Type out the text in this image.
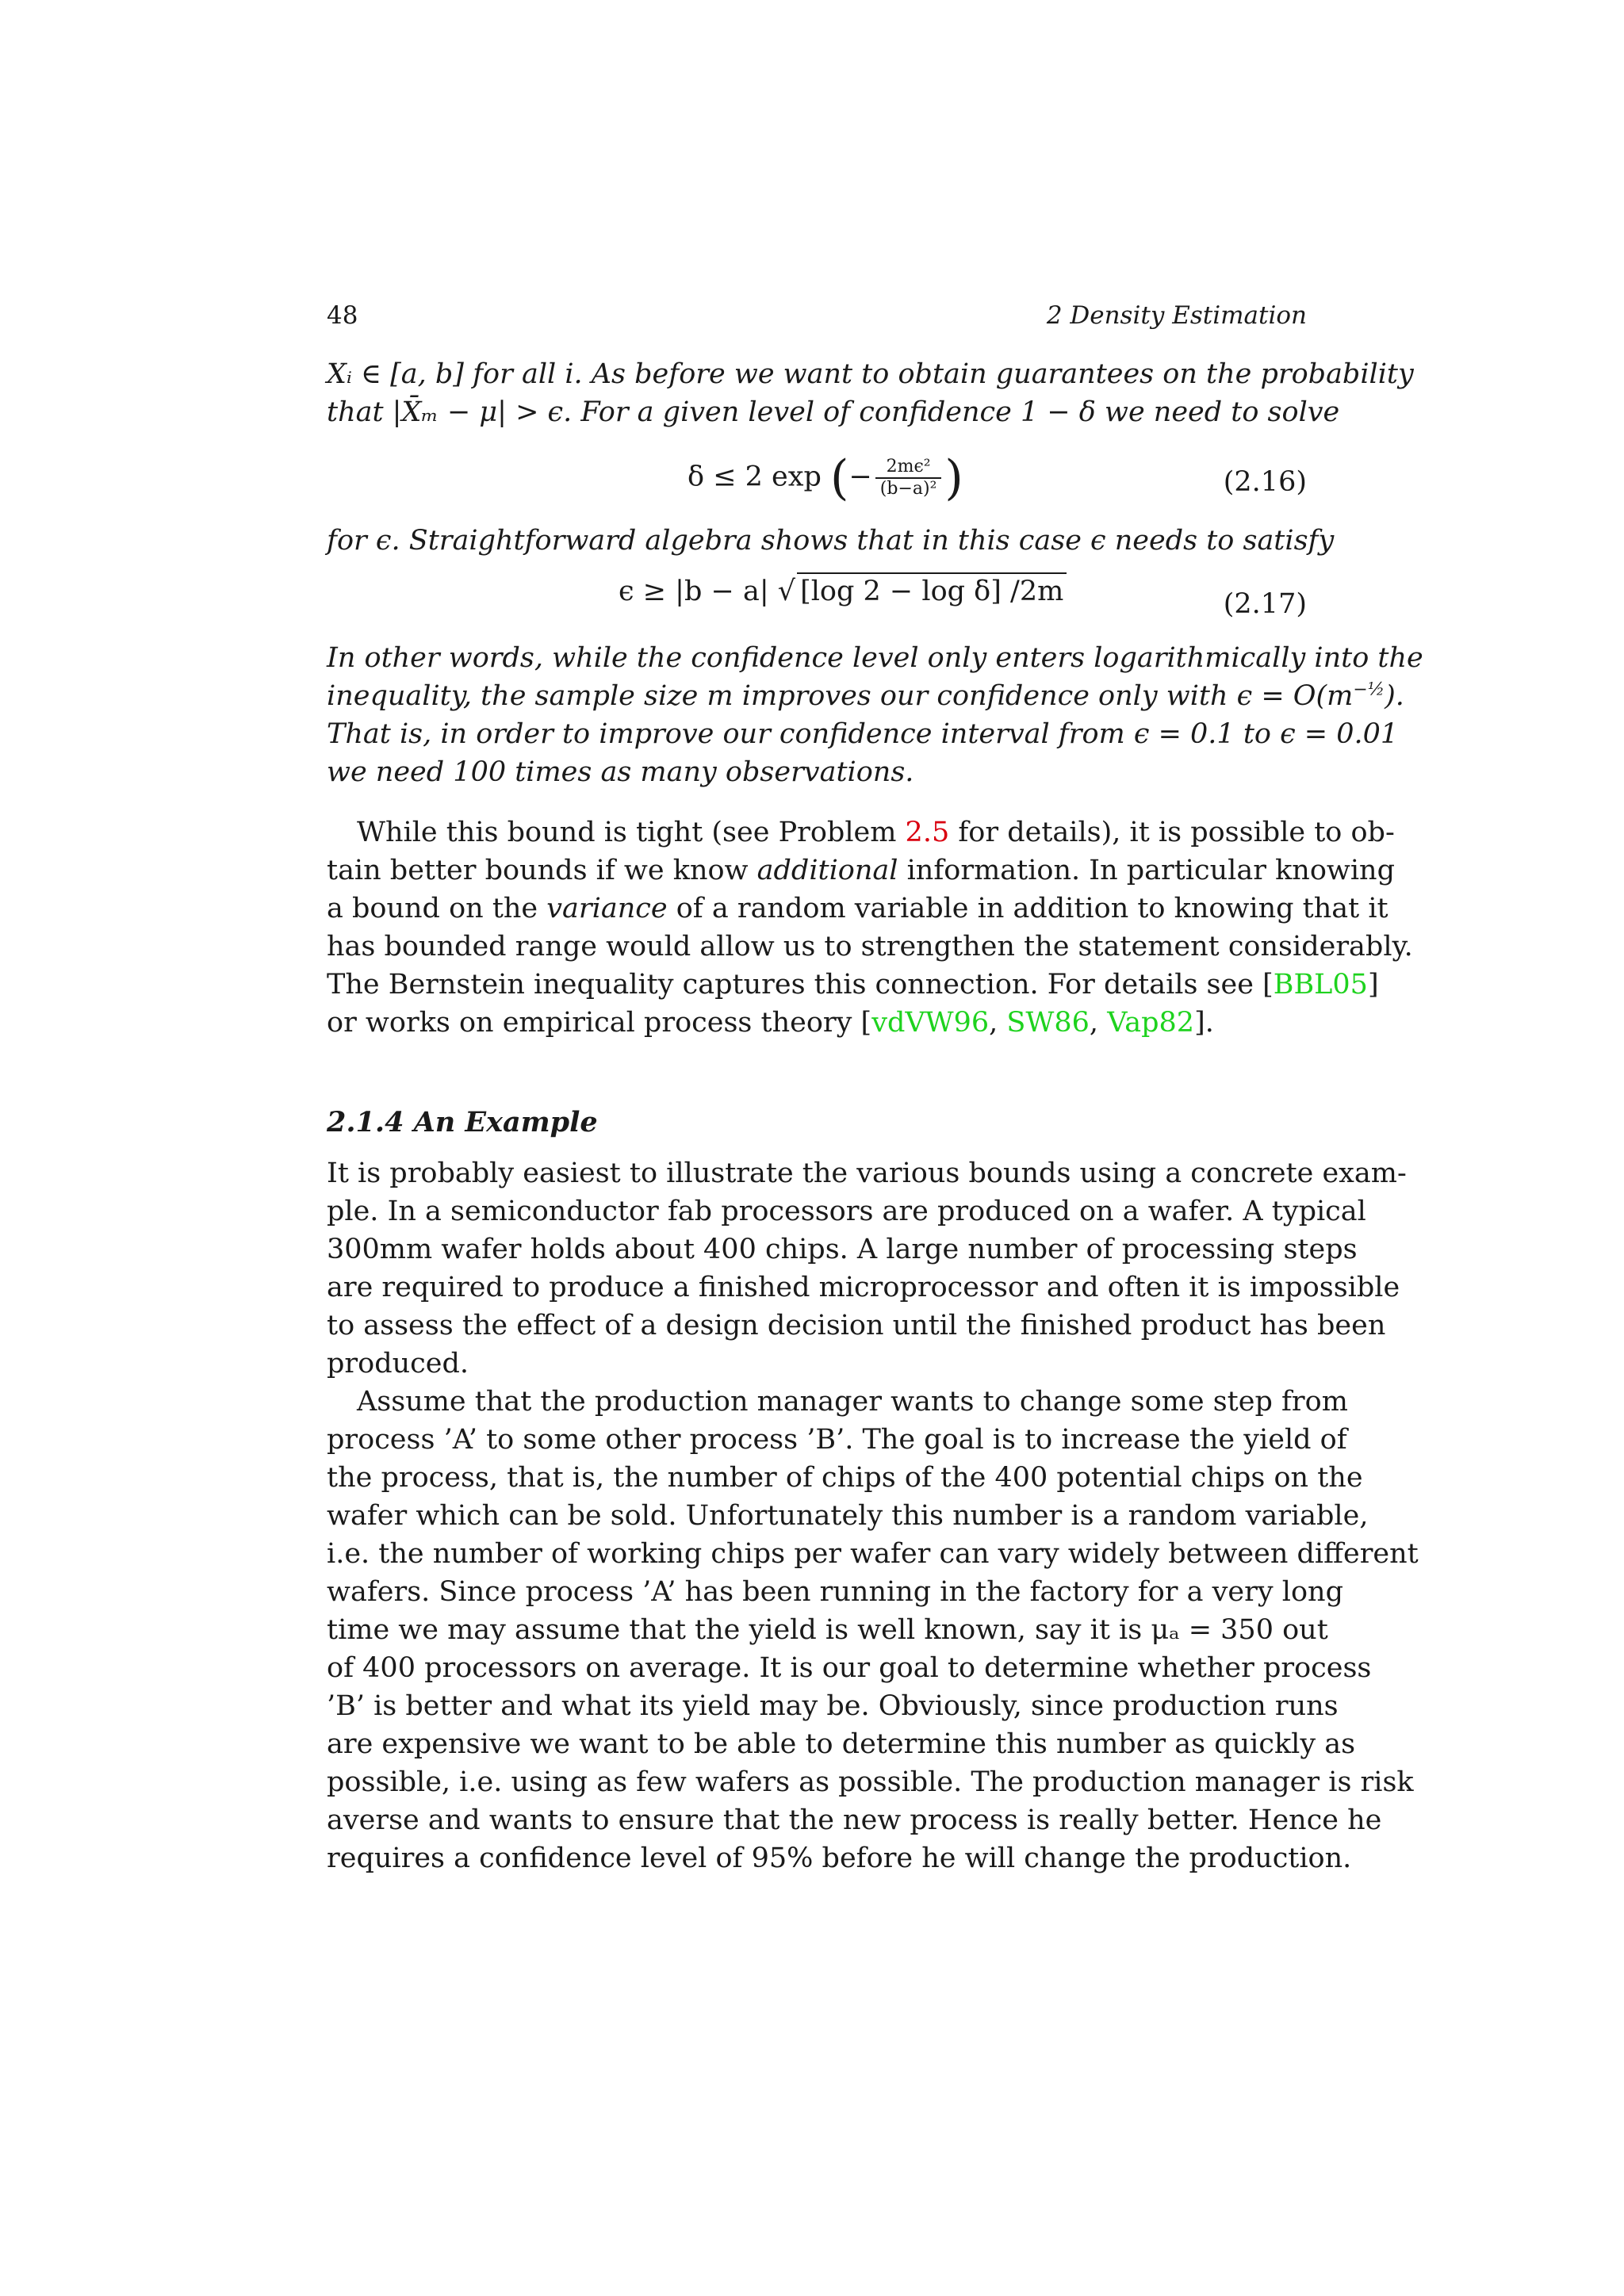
48	2 Density Estimation
Xᵢ ∈ [a, b] for all i. As before we want to obtain guarantees on the probability
that |X̄ₘ − μ| > ϵ. For a given level of confidence 1 − δ we need to solve
δ ≤ 2 exp (− $\frac{\text{2mϵ²}}{\text{(b−a)²}}$ )	(2.16)
for ϵ. Straightforward algebra shows that in this case ϵ needs to satisfy
ϵ ≥ |b − a| √ [log 2 − log δ] /2m	(2.17)
In other words, while the confidence level only enters logarithmically into the
inequality, the sample size m improves our confidence only with $\epsilon = O(m^{-\frac{1}{2}})$.
That is, in order to improve our confidence interval from ϵ = 0.1 to ϵ = 0.01
we need 100 times as many observations.
While this bound is tight (see Problem 2.5 for details), it is possible to ob-
tain better bounds if we know additional information. In particular knowing
a bound on the variance of a random variable in addition to knowing that it
has bounded range would allow us to strengthen the statement considerably.
The Bernstein inequality captures this connection. For details see [BBL05]
or works on empirical process theory [vdVW96, SW86, Vap82].
2.1.4 An Example
It is probably easiest to illustrate the various bounds using a concrete exam-
ple. In a semiconductor fab processors are produced on a wafer. A typical
300mm wafer holds about 400 chips. A large number of processing steps
are required to produce a finished microprocessor and often it is impossible
to assess the effect of a design decision until the finished product has been
produced.
Assume that the production manager wants to change some step from
process ’A’ to some other process ’B’. The goal is to increase the yield of
the process, that is, the number of chips of the 400 potential chips on the
wafer which can be sold. Unfortunately this number is a random variable,
i.e. the number of working chips per wafer can vary widely between different
wafers. Since process ’A’ has been running in the factory for a very long
time we may assume that the yield is well known, say it is μₐ = 350 out
of 400 processors on average. It is our goal to determine whether process
’B’ is better and what its yield may be. Obviously, since production runs
are expensive we want to be able to determine this number as quickly as
possible, i.e. using as few wafers as possible. The production manager is risk
averse and wants to ensure that the new process is really better. Hence he
requires a confidence level of 95% before he will change the production.
